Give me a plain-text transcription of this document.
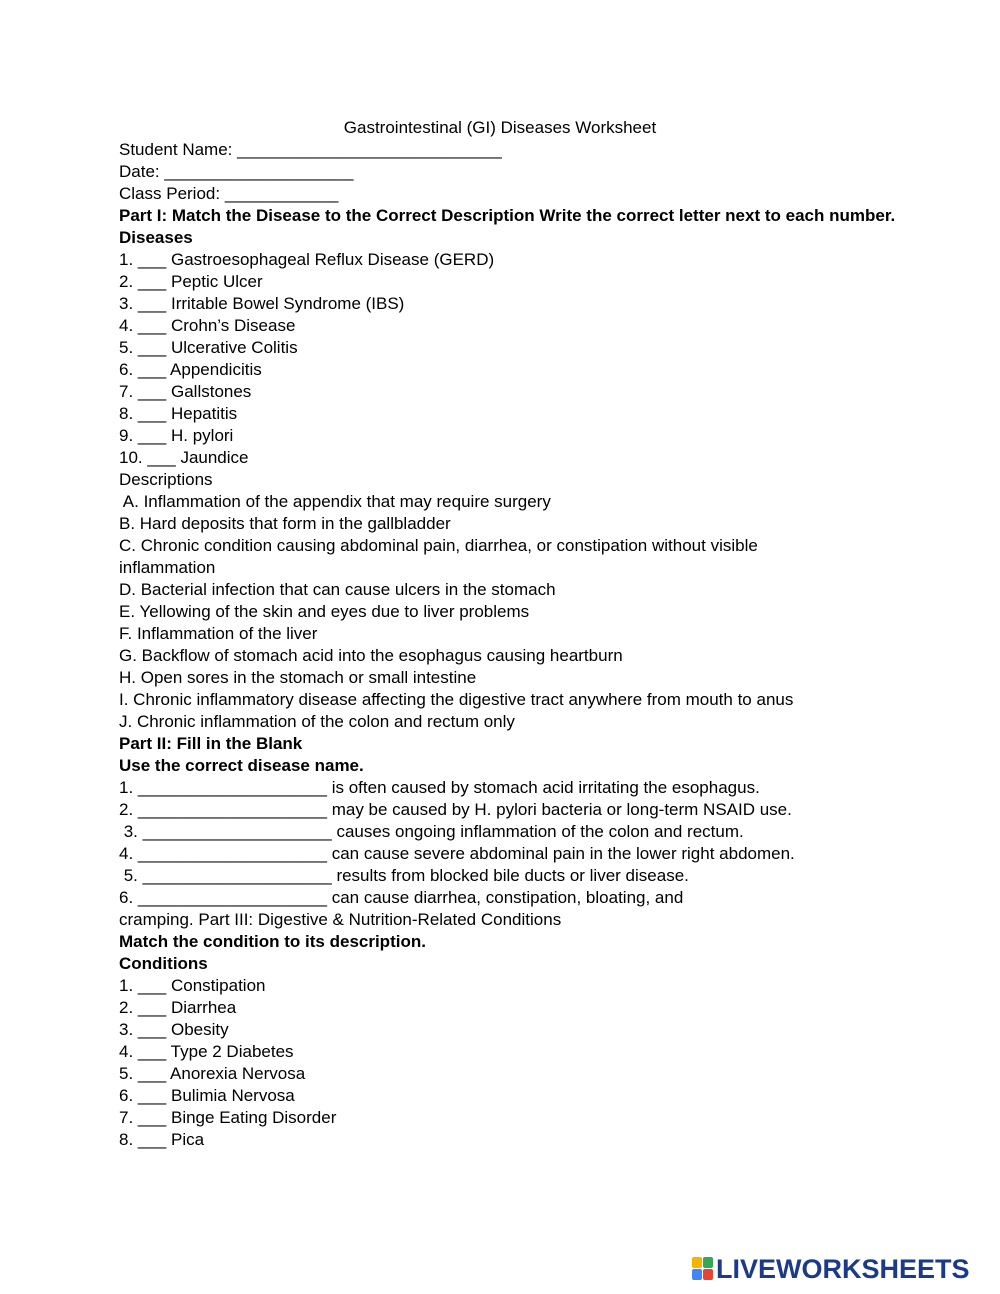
Gastrointestinal (GI) Diseases Worksheet
Student Name: ____________________________
Date: ____________________
Class Period: ____________
Part I: Match the Disease to the Correct Description Write the correct letter next to each number.
Diseases
1. ___ Gastroesophageal Reflux Disease (GERD)
2. ___ Peptic Ulcer
3. ___ Irritable Bowel Syndrome (IBS)
4. ___ Crohn’s Disease
5. ___ Ulcerative Colitis
6. ___ Appendicitis
7. ___ Gallstones
8. ___ Hepatitis
9. ___ H. pylori
10. ___ Jaundice
Descriptions
A. Inflammation of the appendix that may require surgery
B. Hard deposits that form in the gallbladder
C. Chronic condition causing abdominal pain, diarrhea, or constipation without visible
inflammation
D. Bacterial infection that can cause ulcers in the stomach
E. Yellowing of the skin and eyes due to liver problems
F. Inflammation of the liver
G. Backflow of stomach acid into the esophagus causing heartburn
H. Open sores in the stomach or small intestine
I. Chronic inflammatory disease affecting the digestive tract anywhere from mouth to anus
J. Chronic inflammation of the colon and rectum only
Part II: Fill in the Blank
Use the correct disease name.
1. ____________________ is often caused by stomach acid irritating the esophagus.
2. ____________________ may be caused by H. pylori bacteria or long-term NSAID use.
3. ____________________ causes ongoing inflammation of the colon and rectum.
4. ____________________ can cause severe abdominal pain in the lower right abdomen.
5. ____________________ results from blocked bile ducts or liver disease.
6. ____________________ can cause diarrhea, constipation, bloating, and
cramping. Part III: Digestive & Nutrition-Related Conditions
Match the condition to its description.
Conditions
1. ___ Constipation
2. ___ Diarrhea
3. ___ Obesity
4. ___ Type 2 Diabetes
5. ___ Anorexia Nervosa
6. ___ Bulimia Nervosa
7. ___ Binge Eating Disorder
8. ___ Pica
LIVEWORKSHEETS
